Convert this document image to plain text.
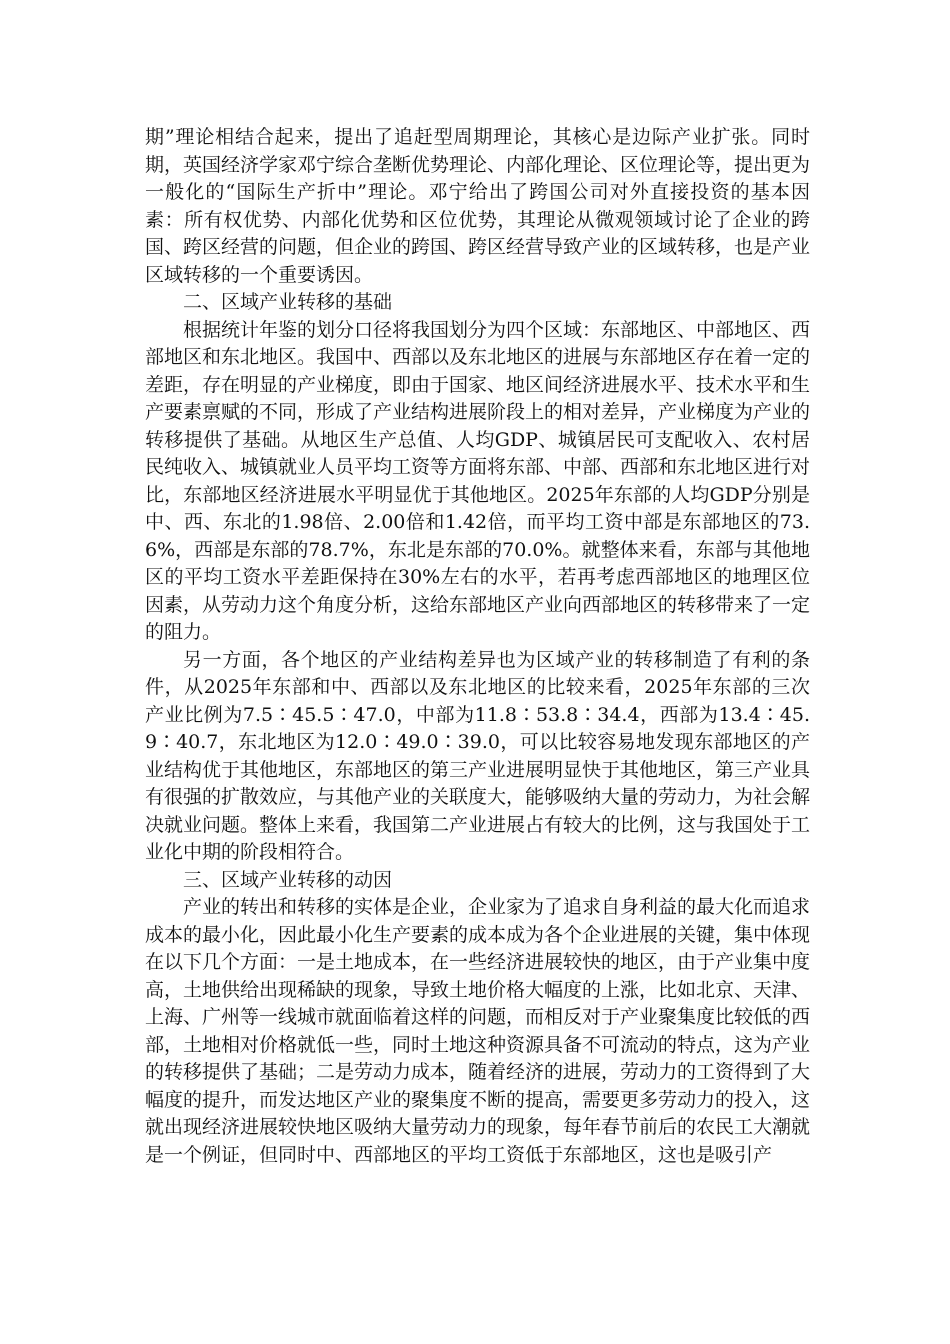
期”理论相结合起来，提出了追赶型周期理论，其核心是边际产业扩张。同时期，英国经济学家邓宁综合垄断优势理论、内部化理论、区位理论等，提出更为一般化的“国际生产折中”理论。邓宁给出了跨国公司对外直接投资的基本因素：所有权优势、内部化优势和区位优势，其理论从微观领域讨论了企业的跨国、跨区经营的问题，但企业的跨国、跨区经营导致产业的区域转移，也是产业区域转移的一个重要诱因。

二、区域产业转移的基础

根据统计年鉴的划分口径将我国划分为四个区域：东部地区、中部地区、西部地区和东北地区。我国中、西部以及东北地区的进展与东部地区存在着一定的差距，存在明显的产业梯度，即由于国家、地区间经济进展水平、技术水平和生产要素禀赋的不同，形成了产业结构进展阶段上的相对差异，产业梯度为产业的转移提供了基础。从地区生产总值、人均GDP、城镇居民可支配收入、农村居民纯收入、城镇就业人员平均工资等方面将东部、中部、西部和东北地区进行对比，东部地区经济进展水平明显优于其他地区。2025年东部的人均GDP分别是中、西、东北的1.98倍、2.00倍和1.42倍，而平均工资中部是东部地区的73.6%，西部是东部的78.7%，东北是东部的70.0%。就整体来看，东部与其他地区的平均工资水平差距保持在30%左右的水平，若再考虑西部地区的地理区位因素，从劳动力这个角度分析，这给东部地区产业向西部地区的转移带来了一定的阻力。

另一方面，各个地区的产业结构差异也为区域产业的转移制造了有利的条件，从2025年东部和中、西部以及东北地区的比较来看，2025年东部的三次产业比例为7.5∶45.5∶47.0，中部为11.8∶53.8∶34.4，西部为13.4∶45.9∶40.7，东北地区为12.0∶49.0∶39.0，可以比较容易地发现东部地区的产业结构优于其他地区，东部地区的第三产业进展明显快于其他地区，第三产业具有很强的扩散效应，与其他产业的关联度大，能够吸纳大量的劳动力，为社会解决就业问题。整体上来看，我国第二产业进展占有较大的比例，这与我国处于工业化中期的阶段相符合。

三、区域产业转移的动因

产业的转出和转移的实体是企业，企业家为了追求自身利益的最大化而追求成本的最小化，因此最小化生产要素的成本成为各个企业进展的关键，集中体现在以下几个方面：一是土地成本，在一些经济进展较快的地区，由于产业集中度高，土地供给出现稀缺的现象，导致土地价格大幅度的上涨，比如北京、天津、上海、广州等一线城市就面临着这样的问题，而相反对于产业聚集度比较低的西部，土地相对价格就低一些，同时土地这种资源具备不可流动的特点，这为产业的转移提供了基础；二是劳动力成本，随着经济的进展，劳动力的工资得到了大幅度的提升，而发达地区产业的聚集度不断的提高，需要更多劳动力的投入，这就出现经济进展较快地区吸纳大量劳动力的现象，每年春节前后的农民工大潮就是一个例证，但同时中、西部地区的平均工资低于东部地区，这也是吸引产
